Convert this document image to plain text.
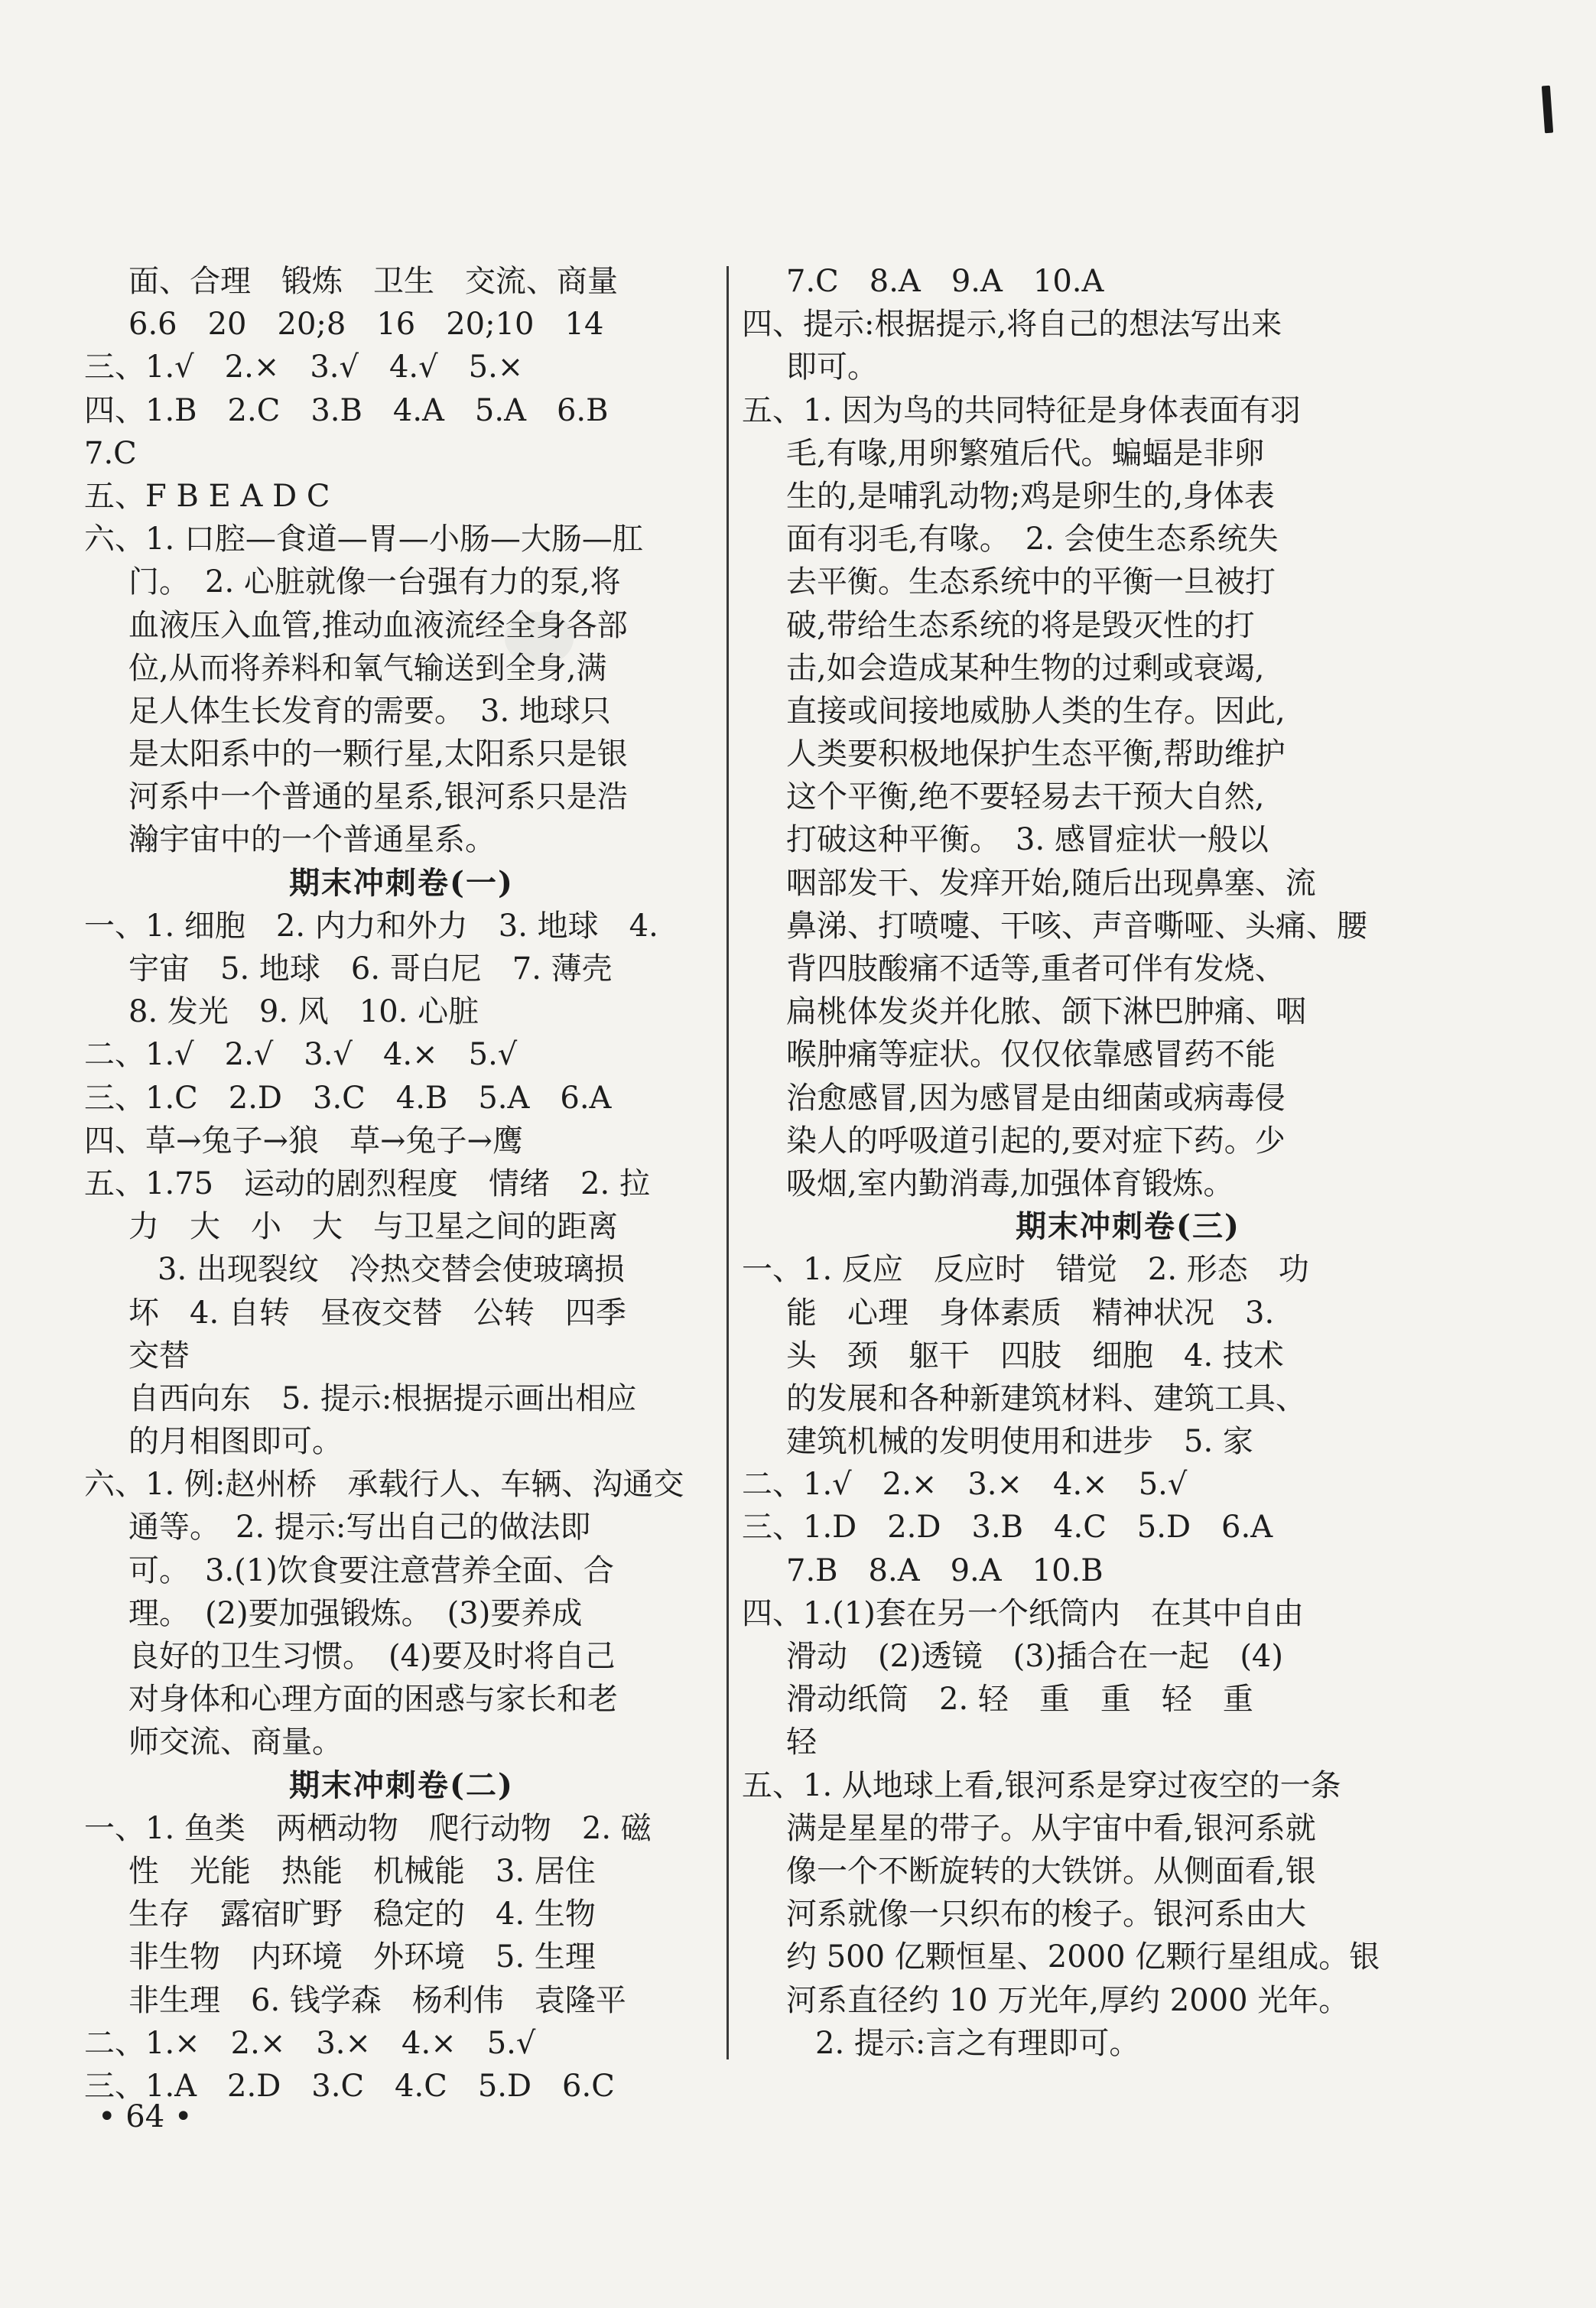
面、合理　锻炼　卫生　交流、商量
6.6　20　20;8　16　20;10　14
三、1.√　2.×　3.√　4.√　5.×
四、1.B　2.C　3.B　4.A　5.A　6.B
7.C
五、F B E A D C
六、1. 口腔—食道—胃—小肠—大肠—肛
门。　2. 心脏就像一台强有力的泵,将
血液压入血管,推动血液流经全身各部
位,从而将养料和氧气输送到全身,满
足人体生长发育的需要。　3. 地球只
是太阳系中的一颗行星,太阳系只是银
河系中一个普通的星系,银河系只是浩
瀚宇宙中的一个普通星系。
期末冲刺卷(一)
一、1. 细胞　2. 内力和外力　3. 地球　4.
宇宙　5. 地球　6. 哥白尼　7. 薄壳
8. 发光　9. 风　10. 心脏
二、1.√　2.√　3.√　4.×　5.√
三、1.C　2.D　3.C　4.B　5.A　6.A
四、草→兔子→狼　草→兔子→鹰
五、1.75　运动的剧烈程度　情绪　2. 拉
力　大　小　大　与卫星之间的距离
3. 出现裂纹　冷热交替会使玻璃损
坏　4. 自转　昼夜交替　公转　四季
交替
自西向东　5. 提示:根据提示画出相应
的月相图即可。
六、1. 例:赵州桥　承载行人、车辆、沟通交
通等。　2. 提示:写出自己的做法即
可。　3.(1)饮食要注意营养全面、合
理。　(2)要加强锻炼。　(3)要养成
良好的卫生习惯。　(4)要及时将自己
对身体和心理方面的困惑与家长和老
师交流、商量。
期末冲刺卷(二)
一、1. 鱼类　两栖动物　爬行动物　2. 磁
性　光能　热能　机械能　3. 居住
生存　露宿旷野　稳定的　4. 生物
非生物　内环境　外环境　5. 生理
非生理　6. 钱学森　杨利伟　袁隆平
二、1.×　2.×　3.×　4.×　5.√
三、1.A　2.D　3.C　4.C　5.D　6.C
7.C　8.A　9.A　10.A
四、提示:根据提示,将自己的想法写出来
即可。
五、1. 因为鸟的共同特征是身体表面有羽
毛,有喙,用卵繁殖后代。蝙蝠是非卵
生的,是哺乳动物;鸡是卵生的,身体表
面有羽毛,有喙。　2. 会使生态系统失
去平衡。生态系统中的平衡一旦被打
破,带给生态系统的将是毁灭性的打
击,如会造成某种生物的过剩或衰竭,
直接或间接地威胁人类的生存。因此,
人类要积极地保护生态平衡,帮助维护
这个平衡,绝不要轻易去干预大自然,
打破这种平衡。　3. 感冒症状一般以
咽部发干、发痒开始,随后出现鼻塞、流
鼻涕、打喷嚏、干咳、声音嘶哑、头痛、腰
背四肢酸痛不适等,重者可伴有发烧、
扁桃体发炎并化脓、颌下淋巴肿痛、咽
喉肿痛等症状。仅仅依靠感冒药不能
治愈感冒,因为感冒是由细菌或病毒侵
染人的呼吸道引起的,要对症下药。少
吸烟,室内勤消毒,加强体育锻炼。
期末冲刺卷(三)
一、1. 反应　反应时　错觉　2. 形态　功
能　心理　身体素质　精神状况　3.
头　颈　躯干　四肢　细胞　4. 技术
的发展和各种新建筑材料、建筑工具、
建筑机械的发明使用和进步　5. 家
二、1.√　2.×　3.×　4.×　5.√
三、1.D　2.D　3.B　4.C　5.D　6.A
7.B　8.A　9.A　10.B
四、1.(1)套在另一个纸筒内　在其中自由
滑动　(2)透镜　(3)插合在一起　(4)
滑动纸筒　2. 轻　重　重　轻　重
轻
五、1. 从地球上看,银河系是穿过夜空的一条
满是星星的带子。从宇宙中看,银河系就
像一个不断旋转的大铁饼。从侧面看,银
河系就像一只织布的梭子。银河系由大
约 500 亿颗恒星、2000 亿颗行星组成。银
河系直径约 10 万光年,厚约 2000 光年。
2. 提示:言之有理即可。
• 64 •
